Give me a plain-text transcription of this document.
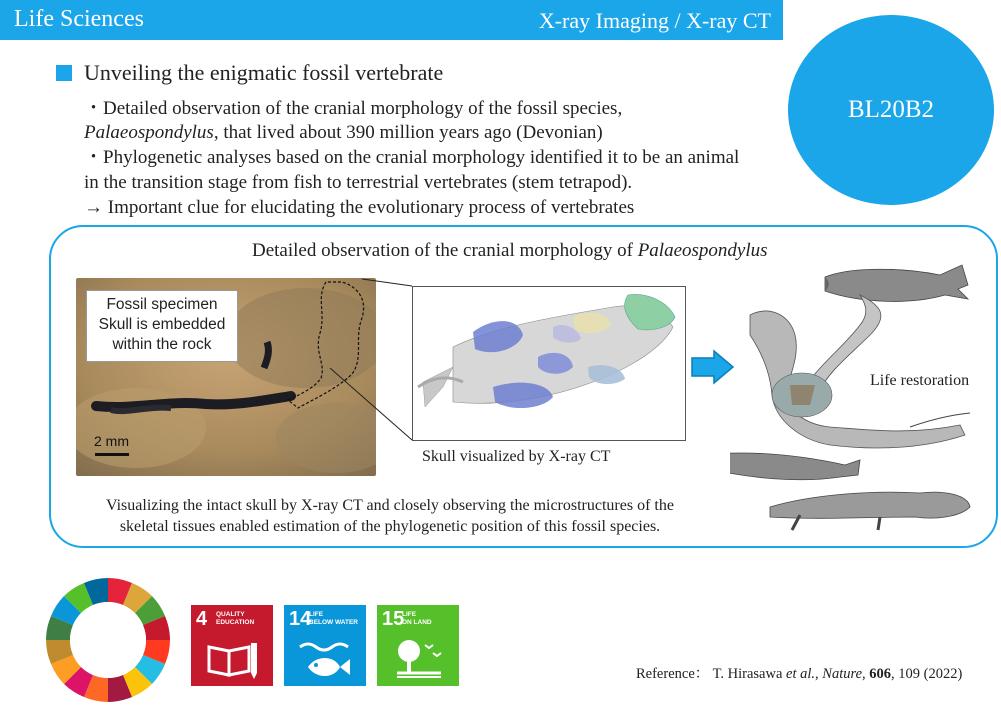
Life Sciences	X-ray Imaging / X-ray CT
BL20B2
Unveiling the enigmatic fossil vertebrate
・Detailed observation of the cranial morphology of the fossil species,
Palaeospondylus, that lived about 390 million years ago (Devonian)
・Phylogenetic analyses based on the cranial morphology identified it to be an animal
in the transition stage from fish to terrestrial vertebrates (stem tetrapod).
→ Important clue for elucidating the evolutionary process of vertebrates
Detailed observation of the cranial morphology of Palaeospondylus
Fossil specimen
Skull is embedded
within the rock
2 mm
Skull visualized by X-ray CT
Life restoration
Visualizing the intact skull by X-ray CT and closely observing the microstructures of the
skeletal tissues enabled estimation of the phylogenetic position of this fossil species.
4 QUALITY
EDUCATION 14
LIFE
BELOW WATER 15
LIFE
ON LAND
Reference： T. Hirasawa et al., Nature, 606, 109 (2022)
